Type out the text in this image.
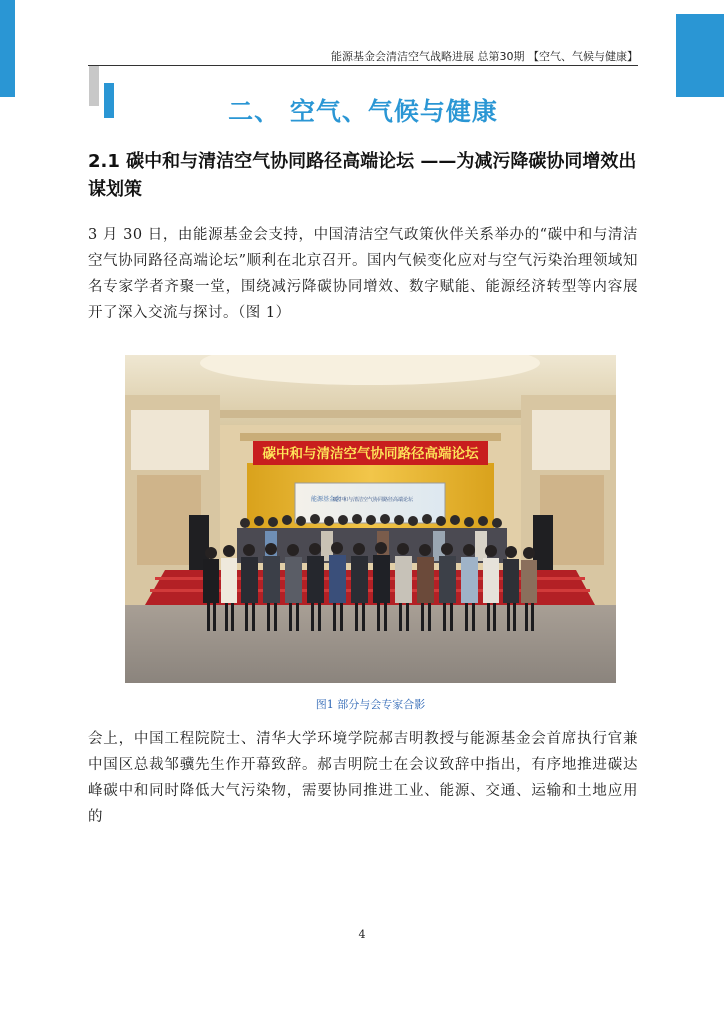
能源基金会清洁空气战略进展 总第30期 【空气、气候与健康】
二、 空气、气候与健康
2.1 碳中和与清洁空气协同路径高端论坛 ——为减污降碳协同增效出谋划策
3 月 30 日，由能源基金会支持，中国清洁空气政策伙伴关系举办的“碳中和与清洁空气协同路径高端论坛”顺利在北京召开。国内气候变化应对与空气污染治理领域知名专家学者齐聚一堂，围绕减污降碳协同增效、数字赋能、能源经济转型等内容展开了深入交流与探讨。（图 1）
碳中和与清洁空气协同路径高端论坛
能源基金会
碳中和与清洁空气协同路径高端论坛
图1 部分与会专家合影
会上，中国工程院院士、清华大学环境学院郝吉明教授与能源基金会首席执行官兼中国区总裁邹骥先生作开幕致辞。郝吉明院士在会议致辞中指出，有序地推进碳达峰碳中和同时降低大气污染物，需要协同推进工业、能源、交通、运输和土地应用的
4
